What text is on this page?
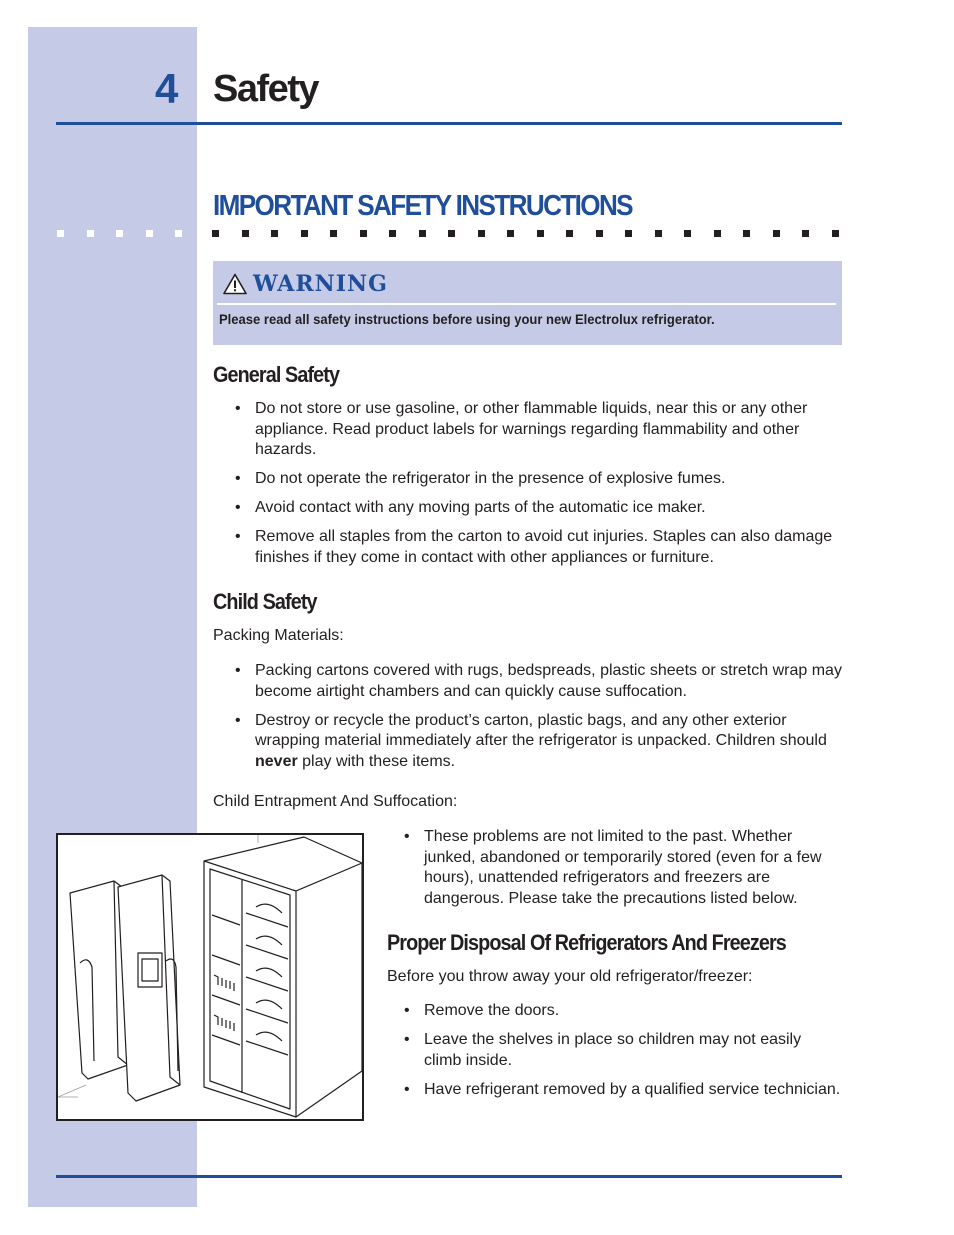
4 Safety
IMPORTANT SAFETY INSTRUCTIONS
WARNING
Please read all safety instructions before using your new Electrolux refrigerator.
General Safety
• Do not store or use gasoline, or other flammable liquids, near this or any other appliance. Read product labels for warnings regarding flammability and other hazards.
• Do not operate the refrigerator in the presence of explosive fumes.
• Avoid contact with any moving parts of the automatic ice maker.
• Remove all staples from the carton to avoid cut injuries. Staples can also damage finishes if they come in contact with other appliances or furniture.
Child Safety
Packing Materials:
• Packing cartons covered with rugs, bedspreads, plastic sheets or stretch wrap may become airtight chambers and can quickly cause suffocation.
• Destroy or recycle the product’s carton, plastic bags, and any other exterior wrapping material immediately after the refrigerator is unpacked. Children should never play with these items.
Child Entrapment And Suffocation:
• These problems are not limited to the past. Whether junked, abandoned or temporarily stored (even for a few hours), unattended refrigerators and freezers are dangerous. Please take the precautions listed below.
Proper Disposal Of Refrigerators And Freezers
Before you throw away your old refrigerator/freezer:
• Remove the doors.
• Leave the shelves in place so children may not easily climb inside.
• Have refrigerant removed by a qualified service technician.
